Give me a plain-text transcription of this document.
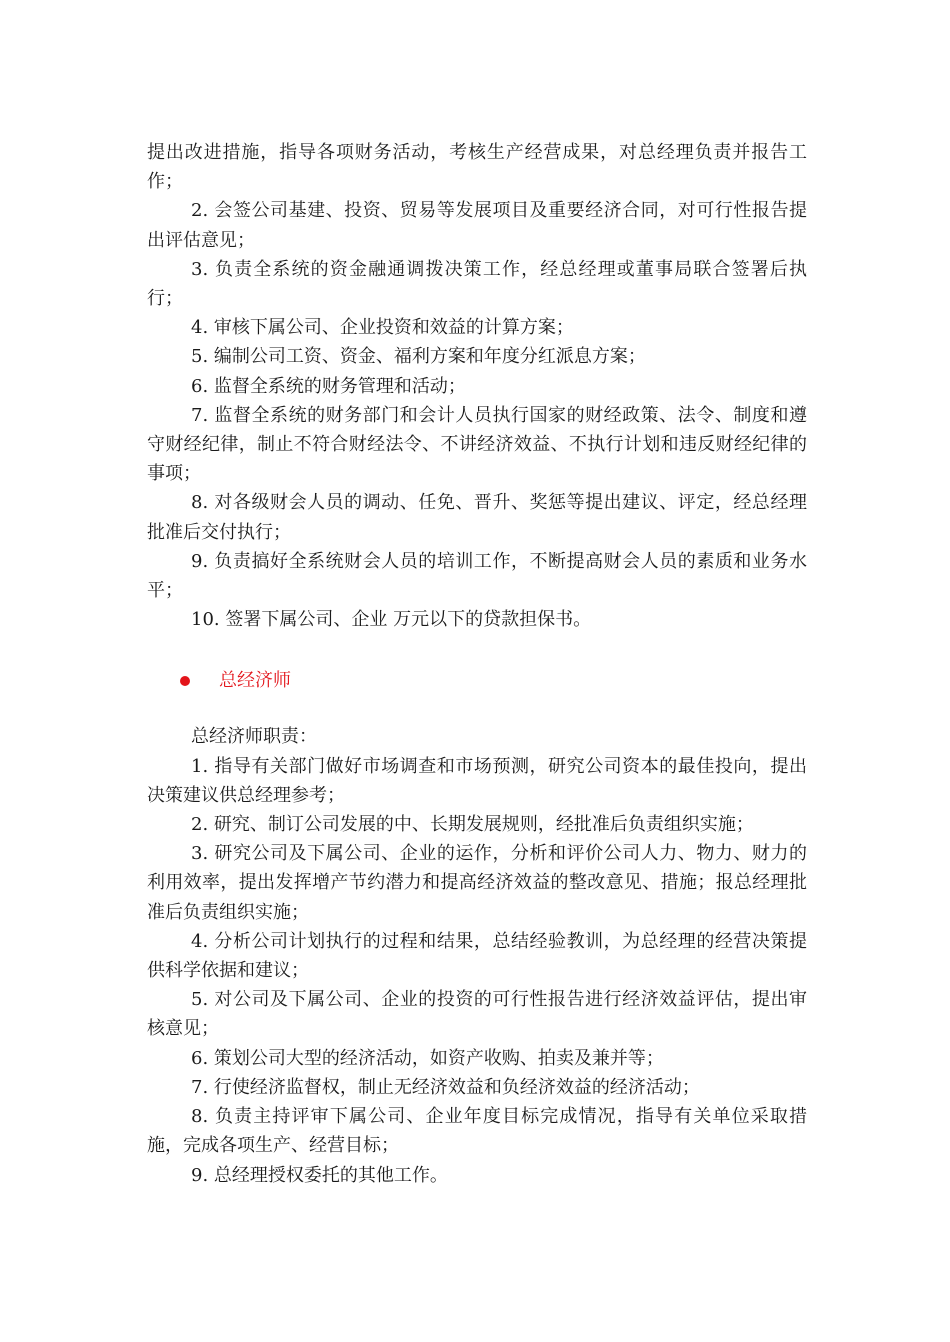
提出改进措施，指导各项财务活动，考核生产经营成果，对总经理负责并报告工作；

2. 会签公司基建、投资、贸易等发展项目及重要经济合同，对可行性报告提出评估意见；

3. 负责全系统的资金融通调拨决策工作，经总经理或董事局联合签署后执行；

4. 审核下属公司、企业投资和效益的计算方案；

5. 编制公司工资、资金、福利方案和年度分红派息方案；

6. 监督全系统的财务管理和活动；

7. 监督全系统的财务部门和会计人员执行国家的财经政策、法令、制度和遵守财经纪律，制止不符合财经法令、不讲经济效益、不执行计划和违反财经纪律的事项；

8. 对各级财会人员的调动、任免、晋升、奖惩等提出建议、评定，经总经理批准后交付执行；

9. 负责搞好全系统财会人员的培训工作，不断提高财会人员的素质和业务水平；

10. 签署下属公司、企业 万元以下的贷款担保书。

总经济师

总经济师职责：

1. 指导有关部门做好市场调查和市场预测，研究公司资本的最佳投向，提出决策建议供总经理参考；

2. 研究、制订公司发展的中、长期发展规则，经批准后负责组织实施；

3. 研究公司及下属公司、企业的运作，分析和评价公司人力、物力、财力的利用效率，提出发挥增产节约潜力和提高经济效益的整改意见、措施；报总经理批准后负责组织实施；

4. 分析公司计划执行的过程和结果，总结经验教训，为总经理的经营决策提供科学依据和建议；

5. 对公司及下属公司、企业的投资的可行性报告进行经济效益评估，提出审核意见；

6. 策划公司大型的经济活动，如资产收购、拍卖及兼并等；

7. 行使经济监督权，制止无经济效益和负经济效益的经济活动；

8. 负责主持评审下属公司、企业年度目标完成情况，指导有关单位采取措施，完成各项生产、经营目标；

9. 总经理授权委托的其他工作。
